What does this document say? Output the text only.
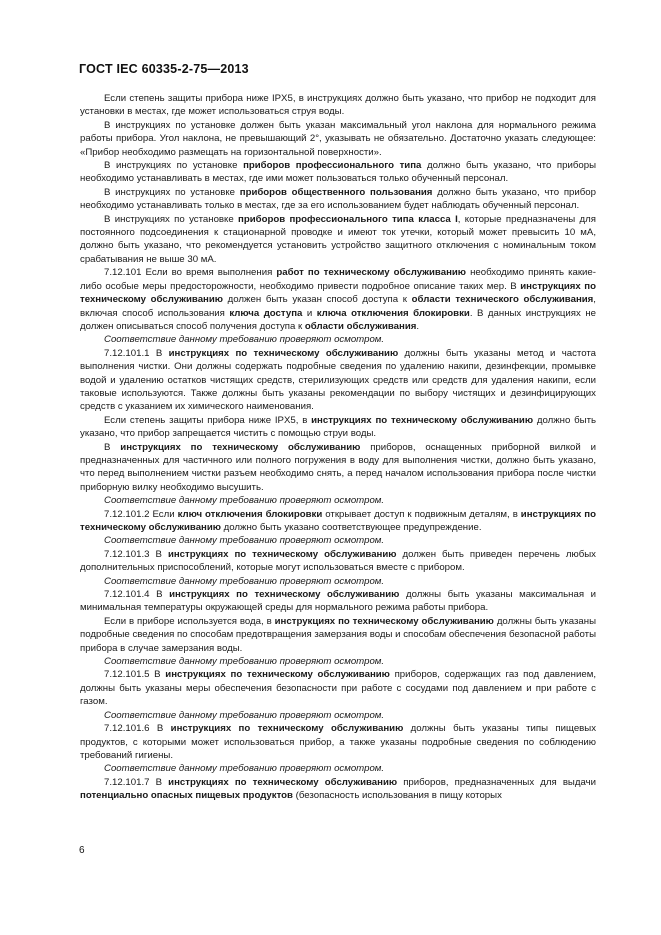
ГОСТ IEC 60335-2-75—2013

Если степень защиты прибора ниже IPX5, в инструкциях должно быть указано, что прибор не подходит для установки в местах, где может использоваться струя воды.

В инструкциях по установке должен быть указан максимальный угол наклона для нормального режима работы прибора. Угол наклона, не превышающий 2°, указывать не обязательно. Достаточно указать следующее: «Прибор необходимо размещать на горизонтальной поверхности».

В инструкциях по установке приборов профессионального типа должно быть указано, что приборы необходимо устанавливать в местах, где ими может пользоваться только обученный персонал.

В инструкциях по установке приборов общественного пользования должно быть указано, что прибор необходимо устанавливать только в местах, где за его использованием будет наблюдать обученный персонал.

В инструкциях по установке приборов профессионального типа класса I, которые предназначены для постоянного подсоединения к стационарной проводке и имеют ток утечки, который может превысить 10 мА, должно быть указано, что рекомендуется установить устройство защитного отключения с номинальным током срабатывания не выше 30 мА.

7.12.101 Если во время выполнения работ по техническому обслуживанию необходимо принять какие-либо особые меры предосторожности, необходимо привести подробное описание таких мер. В инструкциях по техническому обслуживанию должен быть указан способ доступа к области технического обслуживания, включая способ использования ключа доступа и ключа отключения блокировки. В данных инструкциях не должен описываться способ получения доступа к области обслуживания.

Соответствие данному требованию проверяют осмотром.

7.12.101.1 В инструкциях по техническому обслуживанию должны быть указаны метод и частота выполнения чистки. Они должны содержать подробные сведения по удалению накипи, дезинфекции, промывке водой и удалению остатков чистящих средств, стерилизующих средств или средств для удаления накипи, если таковые используются. Также должны быть указаны рекомендации по выбору чистящих и дезинфицирующих средств с указанием их химического наименования.

Если степень защиты прибора ниже IPX5, в инструкциях по техническому обслуживанию должно быть указано, что прибор запрещается чистить с помощью струи воды.

В инструкциях по техническому обслуживанию приборов, оснащенных приборной вилкой и предназначенных для частичного или полного погружения в воду для выполнения чистки, должно быть указано, что перед выполнением чистки разъем необходимо снять, а перед началом использования прибора после чистки приборную вилку необходимо высушить.

Соответствие данному требованию проверяют осмотром.

7.12.101.2 Если ключ отключения блокировки открывает доступ к подвижным деталям, в инструкциях по техническому обслуживанию должно быть указано соответствующее предупреждение.

Соответствие данному требованию проверяют осмотром.

7.12.101.3 В инструкциях по техническому обслуживанию должен быть приведен перечень любых дополнительных приспособлений, которые могут использоваться вместе с прибором.

Соответствие данному требованию проверяют осмотром.

7.12.101.4 В инструкциях по техническому обслуживанию должны быть указаны максимальная и минимальная температуры окружающей среды для нормального режима работы прибора.

Если в приборе используется вода, в инструкциях по техническому обслуживанию должны быть указаны подробные сведения по способам предотвращения замерзания воды и способам обеспечения безопасной работы прибора в случае замерзания воды.

Соответствие данному требованию проверяют осмотром.

7.12.101.5 В инструкциях по техническому обслуживанию приборов, содержащих газ под давлением, должны быть указаны меры обеспечения безопасности при работе с сосудами под давлением и при работе с газом.

Соответствие данному требованию проверяют осмотром.

7.12.101.6 В инструкциях по техническому обслуживанию должны быть указаны типы пищевых продуктов, с которыми может использоваться прибор, а также указаны подробные сведения по соблюдению требований гигиены.

Соответствие данному требованию проверяют осмотром.

7.12.101.7 В инструкциях по техническому обслуживанию приборов, предназначенных для выдачи потенциально опасных пищевых продуктов (безопасность использования в пищу которых

6
